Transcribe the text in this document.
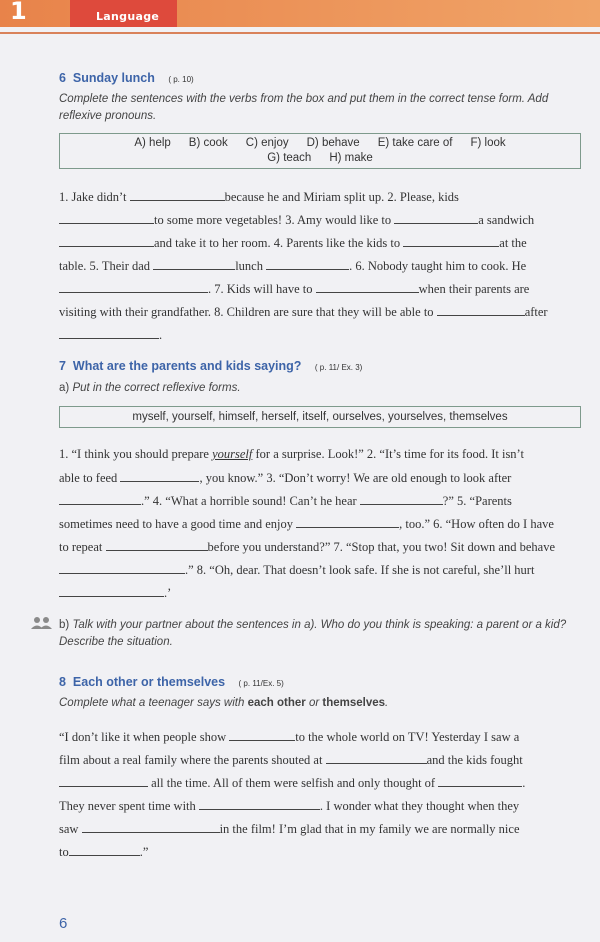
1	Language
6 Sunday lunch ( p. 10)
Complete the sentences with the verbs from the box and put them in the correct tense form. Add reflexive pronouns.
A) help B) cook C) enjoy D) behave E) take care of F) look
G) teach H) make
1. Jake didn’t	because he and Miriam split up. 2. Please, kids
to some more vegetables! 3. Amy would like to	a sandwich
and take it to her room. 4. Parents like the kids to	at the
table. 5. Their dad	lunch	. 6. Nobody taught him to cook. He
. 7. Kids will have to	when their parents are
visiting with their grandfather. 8. Children are sure that they will be able to	after
.
7 What are the parents and kids saying? ( p. 11/ Ex. 3)
a) Put in the correct reflexive forms.
myself, yourself, himself, herself, itself, ourselves, yourselves, themselves
1. “I think you should prepare yourself for a surprise. Look!” 2. “It’s time for its food. It isn’t
able to feed	, you know.” 3. “Don’t worry! We are old enough to look after
.” 4. “What a horrible sound! Can’t he hear	?” 5. “Parents
sometimes need to have a good time and enjoy	, too.” 6. “How often do I have
to repeat	before you understand?” 7. “Stop that, you two! Sit down and behave
.” 8. “Oh, dear. That doesn’t look safe. If she is not careful, she’ll hurt
.’
b) Talk with your partner about the sentences in a). Who do you think is speaking: a parent or a kid? Describe the situation.
8 Each other or themselves ( p. 11/Ex. 5)
Complete what a teenager says with each other or themselves.
“I don’t like it when people show	to the whole world on TV! Yesterday I saw a
film about a real family where the parents shouted at	and the kids fought
all the time. All of them were selfish and only thought of	.
They never spent time with	. I wonder what they thought when they
saw	in the film! I’m glad that in my family we are normally nice
to	.”
6
